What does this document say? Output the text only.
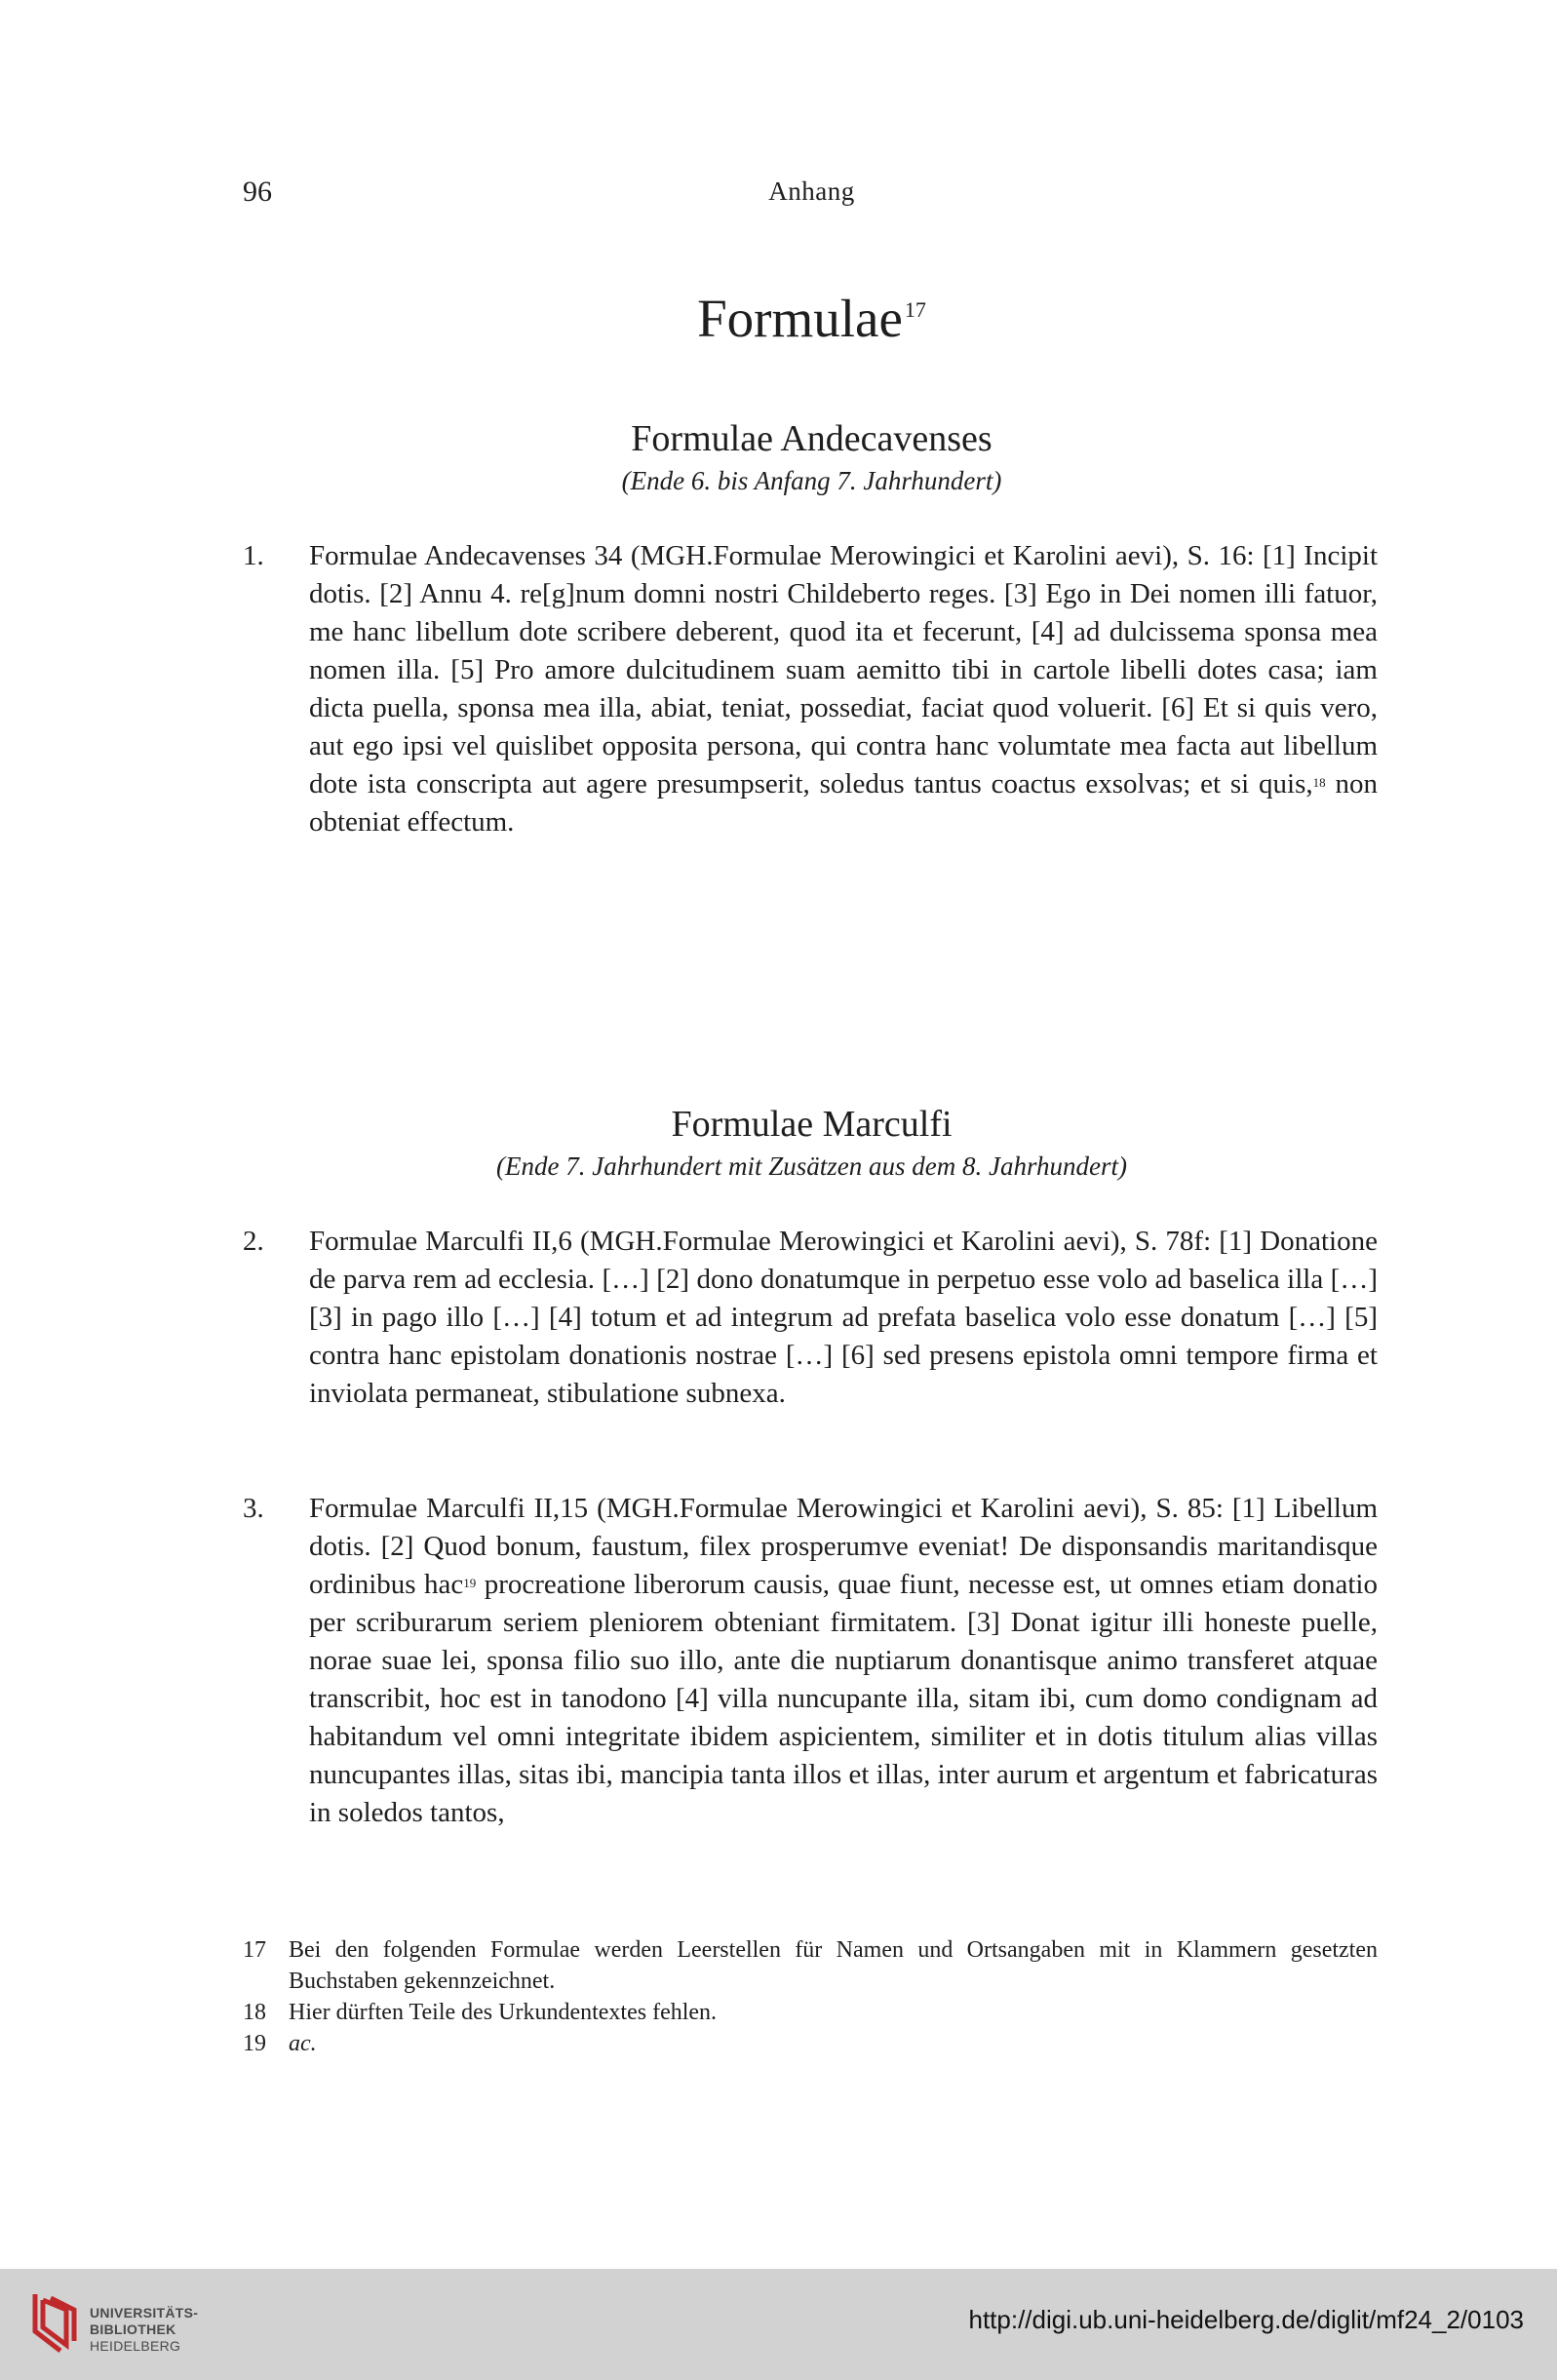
96	Anhang
Formulae$^{17}$
Formulae Andecavenses
(Ende 6. bis Anfang 7. Jahrhundert)
1. Formulae Andecavenses 34 (MGH.Formulae Merowingici et Karolini aevi), S. 16: [1] Incipit dotis. [2] Annu 4. re[g]num domni nostri Childeberto reges. [3] Ego in Dei nomen illi fatuor, me hanc libellum dote scribere deberent, quod ita et fecerunt, [4] ad dulcissema sponsa mea nomen illa. [5] Pro amore dulcitudinem suam aemitto tibi in cartole libelli dotes casa; iam dicta puella, sponsa mea illa, abiat, teniat, possediat, faciat quod voluerit. [6] Et si quis vero, aut ego ipsi vel quislibet opposita persona, qui contra hanc volumtate mea facta aut libellum dote ista conscripta aut agere presumpserit, soledus tantus coactus exsolvas; et si quis,$^{18}$ non obteniat effectum.
Formulae Marculfi
(Ende 7. Jahrhundert mit Zusätzen aus dem 8. Jahrhundert)
2. Formulae Marculfi II,6 (MGH.Formulae Merowingici et Karolini aevi), S. 78f: [1] Donatione de parva rem ad ecclesia. […] [2] dono donatumque in perpetuo esse volo ad baselica illa […] [3] in pago illo […] [4] totum et ad integrum ad prefata baselica volo esse donatum […] [5] contra hanc epistolam donationis nostrae […] [6] sed presens epistola omni tempore firma et inviolata permaneat, stibulatione subnexa.
3. Formulae Marculfi II,15 (MGH.Formulae Merowingici et Karolini aevi), S. 85: [1] Libellum dotis. [2] Quod bonum, faustum, filex prosperumve eveniat! De disponsandis maritandisque ordinibus hac$^{19}$ procreatione liberorum causis, quae fiunt, necesse est, ut omnes etiam donatio per scriburarum seriem pleniorem obteniant firmitatem. [3] Donat igitur illi honeste puelle, norae suae lei, sponsa filio suo illo, ante die nuptiarum donantisque animo transferet atquae transcribit, hoc est in tanodono [4] villa nuncupante illa, sitam ibi, cum domo condignam ad habitandum vel omni integritate ibidem aspicientem, similiter et in dotis titulum alias villas nuncupantes illas, sitas ibi, mancipia tanta illos et illas, inter aurum et argentum et fabricaturas in soledos tantos,
17 Bei den folgenden Formulae werden Leerstellen für Namen und Ortsangaben mit in Klammern gesetzten Buchstaben gekennzeichnet.
18 Hier dürften Teile des Urkundentextes fehlen.
19 ac.
UNIVERSITÄTS-
BIBLIOTHEK
HEIDELBERG
http://digi.ub.uni-heidelberg.de/diglit/mf24_2/0103
